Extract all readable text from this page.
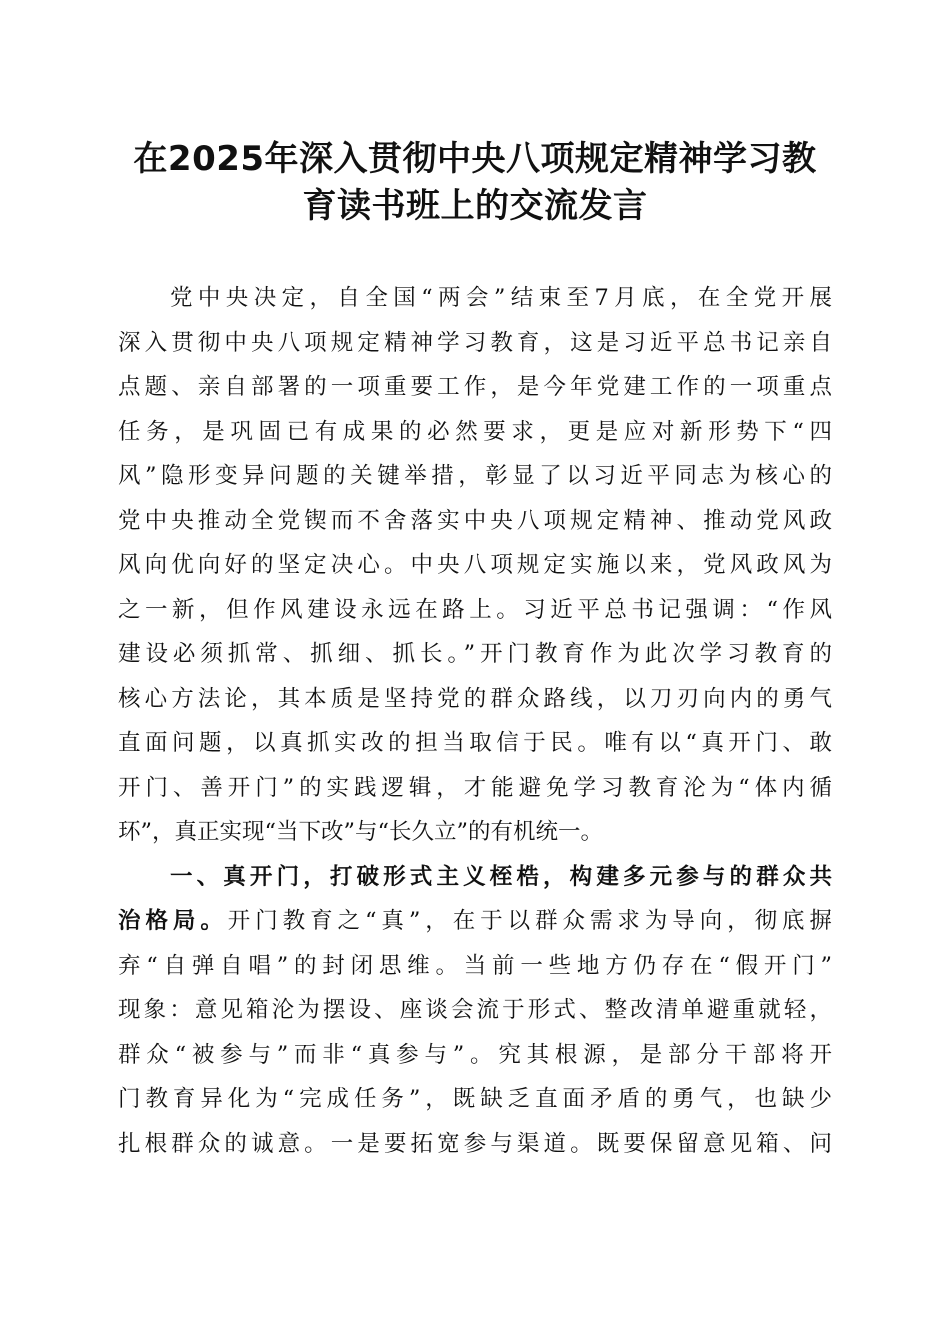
在2025年深入贯彻中央八项规定精神学习教
育读书班上的交流发言
党中央决定，自全国“两会”结束至7月底，在全党开展
深入贯彻中央八项规定精神学习教育，这是习近平总书记亲自
点题、亲自部署的一项重要工作，是今年党建工作的一项重点
任务，是巩固已有成果的必然要求，更是应对新形势下“四
风”隐形变异问题的关键举措，彰显了以习近平同志为核心的
党中央推动全党锲而不舍落实中央八项规定精神、推动党风政
风向优向好的坚定决心。中央八项规定实施以来，党风政风为
之一新，但作风建设永远在路上。习近平总书记强调：“作风
建设必须抓常、抓细、抓长。”开门教育作为此次学习教育的
核心方法论，其本质是坚持党的群众路线，以刀刃向内的勇气
直面问题，以真抓实改的担当取信于民。唯有以“真开门、敢
开门、善开门”的实践逻辑，才能避免学习教育沦为“体内循
环”，真正实现“当下改”与“长久立”的有机统一。
一、真开门，打破形式主义桎梏，构建多元参与的群众共
治格局。开门教育之“真”，在于以群众需求为导向，彻底摒
弃“自弹自唱”的封闭思维。当前一些地方仍存在“假开门”
现象：意见箱沦为摆设、座谈会流于形式、整改清单避重就轻，
群众“被参与”而非“真参与”。究其根源，是部分干部将开
门教育异化为“完成任务”，既缺乏直面矛盾的勇气，也缺少
扎根群众的诚意。一是要拓宽参与渠道。既要保留意见箱、问
